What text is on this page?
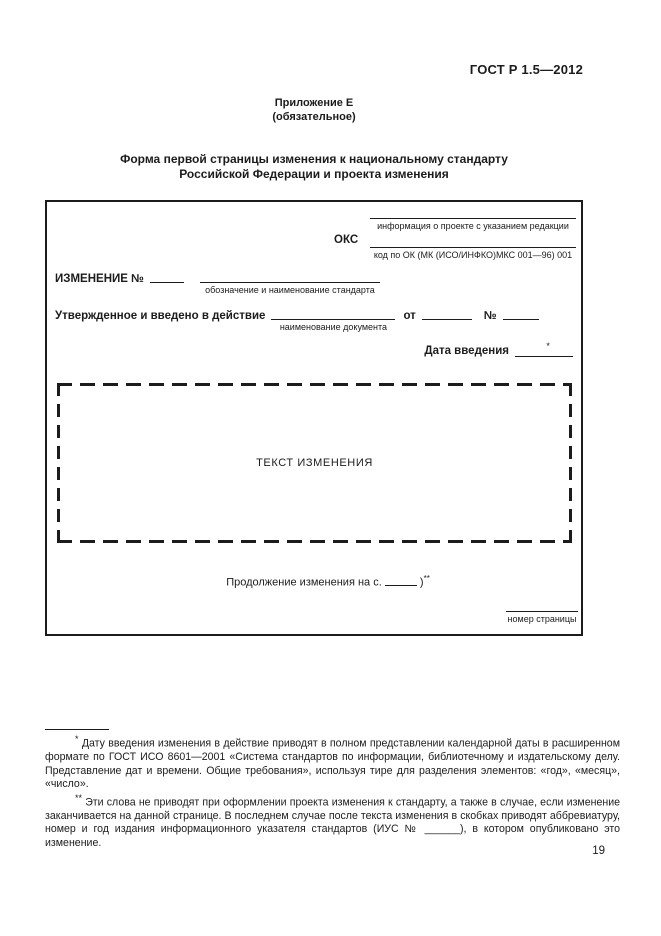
ГОСТ Р 1.5—2012
Приложение Е
(обязательное)
Форма первой страницы изменения к национальному стандарту
Российской Федерации и проекта изменения
информация о проекте с указанием редакции
ОКС
код по ОК (МК (ИСО/ИНФКО)МКС 001—96) 001
ИЗМЕНЕНИЕ №
обозначение и наименование стандарта
Утвержденное и введено в действие
наименование документа
от	№
Дата введения	*
ТЕКСТ ИЗМЕНЕНИЯ
Продолжение изменения на с.	)**
номер страницы

* Дату введения изменения в действие приводят в полном представлении календарной даты в расширенном формате по ГОСТ ИСО 8601—2001 «Система стандартов по информации, библиотечному и издательскому делу. Представление дат и времени. Общие требования», используя тире для разделения элементов: «год», «месяц», «число».

** Эти слова не приводят при оформлении проекта изменения к стандарту, а также в случае, если изменение заканчивается на данной странице. В последнем случае после текста изменения в скобках приводят аббревиатуру, номер и год издания информационного указателя стандартов (ИУС № ______), в котором опубликовано это изменение.

19
